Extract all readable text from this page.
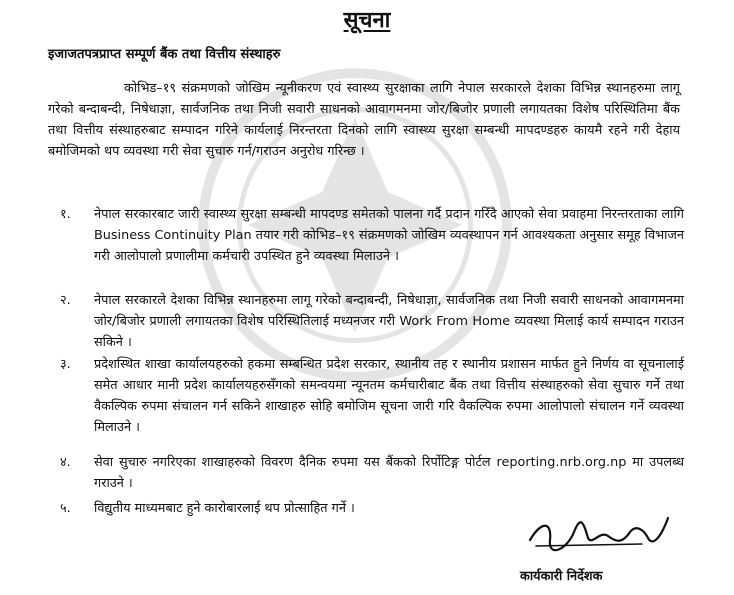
सूचना
इजाजतपत्रप्राप्त सम्पूर्ण बैंक तथा वित्तीय संस्थाहरु
कोभिड–१९ संक्रमणको जोखिम न्यूनीकरण एवं स्वास्थ्य सुरक्षाका लागि नेपाल सरकारले देशका विभिन्न स्थानहरुमा लागू गरेको बन्दाबन्दी, निषेधाज्ञा, सार्वजनिक तथा निजी सवारी साधनको आवागमनमा जोर/बिजोर प्रणाली लगायतका विशेष परिस्थितिमा बैंक तथा वित्तीय संस्थाहरुबाट सम्पादन गरिने कार्यलाई निरन्तरता दिनको लागि स्वास्थ्य सुरक्षा सम्बन्धी मापदण्डहरु कायमै रहने गरी देहाय बमोजिमको थप व्यवस्था गरी सेवा सुचारु गर्न/गराउन अनुरोध गरिन्छ ।
१.	नेपाल सरकारबाट जारी स्वास्थ्य सुरक्षा सम्बन्धी मापदण्ड समेतको पालना गर्दै प्रदान गरिँदै आएको सेवा प्रवाहमा निरन्तरताका लागि Business Continuity Plan तयार गरी कोभिड–१९ संक्रमणको जोखिम व्यवस्थापन गर्न आवश्यकता अनुसार समूह विभाजन गरी आलोपालो प्रणालीमा कर्मचारी उपस्थित हुने व्यवस्था मिलाउने ।
२.	नेपाल सरकारले देशका विभिन्न स्थानहरुमा लागू गरेको बन्दाबन्दी, निषेधाज्ञा, सार्वजनिक तथा निजी सवारी साधनको आवागमनमा जोर/बिजोर प्रणाली लगायतका विशेष परिस्थितिलाई मध्यनजर गरी Work From Home व्यवस्था मिलाई कार्य सम्पादन गराउन सकिने ।
३.	प्रदेशस्थित शाखा कार्यालयहरुको हकमा सम्बन्धित प्रदेश सरकार, स्थानीय तह र स्थानीय प्रशासन मार्फत हुने निर्णय वा सूचनालाई समेत आधार मानी प्रदेश कार्यालयहरुसँगको समन्वयमा न्यूनतम कर्मचारीबाट बैंक तथा वित्तीय संस्थाहरुको सेवा सुचारु गर्ने तथा वैकल्पिक रुपमा संचालन गर्न सकिने शाखाहरु सोहि बमोजिम सूचना जारी गरि वैकल्पिक रुपमा आलोपालो संचालन गर्ने व्यवस्था मिलाउने ।
४.	सेवा सुचारु नगरिएका शाखाहरुको विवरण दैनिक रुपमा यस बैंकको रिर्पोटिङ्ग पोर्टल reporting.nrb.org.np मा उपलब्ध गराउने ।
५.	विद्युतीय माध्यमबाट हुने कारोबारलाई थप प्रोत्साहित गर्ने ।
कार्यकारी निर्देशक
